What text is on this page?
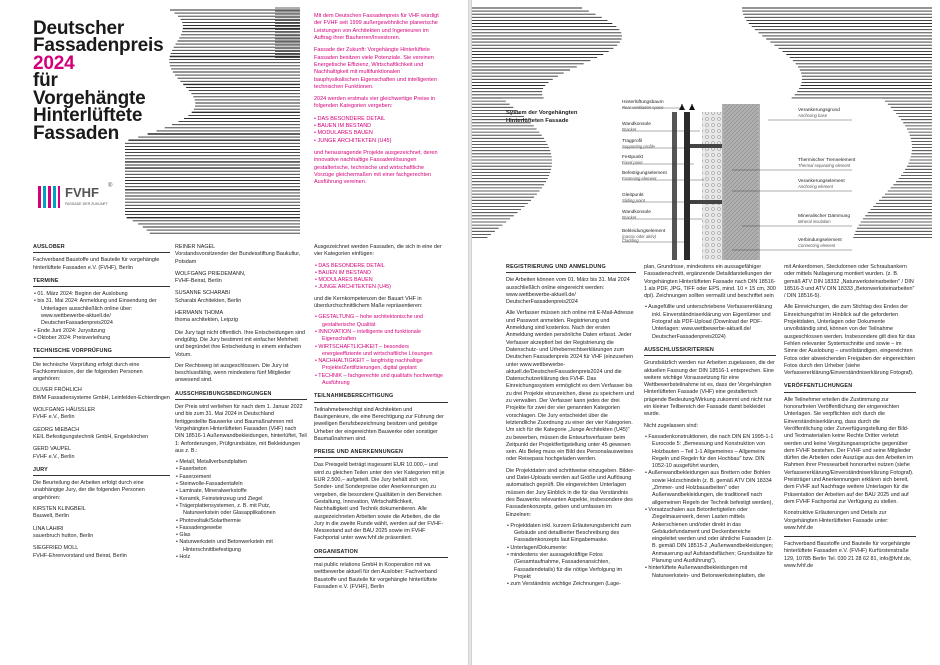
Deutscher
Fassadenpreis
2024
für
Vorgehängte
Hinterlüftete
Fassaden
FVHF ®
FASSADE DER ZUKUNFT

Mit dem Deutschen Fassadenpreis für VHF würdigt der FVHF seit 1999 außergewöhnliche planerische Leistungen von Architekten und Ingenieuren im Auftrag ihrer Bauherren/Investoren.

Fassade der Zukunft: Vorgehängte Hinterlüftete Fassaden besitzen viele Potenziale. Sie vereinen Energetische Effizienz, Wirtschaftlichkeit und Nachhaltigkeit mit multifunktionalen bauphysikalischen Eigenschaften und intelligenten technischen Funktionen.

2024 werden erstmals vier gleichwertige Preise in folgenden Kategorien vergeben:

• DAS BESONDERE DETAIL
• BAUEN IM BESTAND
• MODULARES BAUEN
• JUNGE ARCHITEKTEN (U45)

und herausragende Projekte ausgezeichnet, deren innovative nachhaltige Fassadenlösungen gestalterische, technische und wirtschaftliche Vorzüge gleichermaßen mit einer fachgerechten Ausführung vereinen.

AUSLOBER

Fachverband Baustoffe und Bauteile für vorgehängte hinterlüftete Fassaden e.V. (FVHF), Berlin

TERMINE
• 01. März 2024: Beginn der Auslobung
• bis 31. Mai 2024: Anmeldung und Einsendung der Unterlagen ausschließlich online über: www.wettbewerbe-aktuell.de/ DeutscherFassadenpreis2024
• Ende Juni 2024: Jurysitzung
• Oktober 2024: Preisverleihung
TECHNISCHE VORPRÜFUNG

Die technische Vorprüfung erfolgt durch eine Fachkommission, der die folgenden Personen angehören:

OLIVER FRÖHLICH
BWM Fassadensysteme GmbH, Leinfelden-Echterdingen
WOLFGANG HÄUSSLER
FVHF e.V., Berlin
GEORG MIEBACH
KEIL Befestigungstechnik GmbH, Engelskirchen
GERD VAUPEL
FVHF e.V., Berlin
JURY

Die Beurteilung der Arbeiten erfolgt durch eine unabhängige Jury, der die folgenden Personen angehören:

KIRSTEN KLINGBEIL
Bauwelt, Berlin
LINA LAHIRI
sauerbruch hutton, Berlin
SIEGFRIED MOLL
FVHF-Ehrenvorstand und Beirat, Berlin
REINER NAGEL
Vorstandsvorsitzender der Bundesstiftung Baukultur, Potsdam
WOLFGANG PRIEDEMANN,
FVHF-Beirat, Berlin
SUSANNE SCHARABI
Scharabi Architekten, Berlin
HERMANN THOMA
thoma architekten, Leipzig

Die Jury tagt nicht öffentlich. Ihre Entscheidungen sind endgültig. Die Jury bestimmt mit einfacher Mehrheit und begründet ihre Entscheidung in einem einfachen Votum.

Der Rechtsweg ist ausgeschlossen. Die Jury ist beschlussfähig, wenn mindestens fünf Mitglieder anwesend sind.

AUSSCHREIBUNGSBEDINGUNGEN

Der Preis wird verliehen für nach dem 1. Januar 2022 und bis zum 31. Mai 2024 in Deutschland fertiggestellte Bauwerke und Baumaßnahmen mit Vorgehängten Hinterlüfteten Fassaden (VHF) nach DIN 18516-1 Außenwandbekleidungen, hinterlüftet, Teil 1: Anforderungen, Prüfgrundsätze, mit Bekleidungen aus z. B.:

• Metall, Metallverbundplatten
• Faserbeton
• Faserzement
• Steinwolle-Fassadentafeln
• Laminate, Mineralwerkstoffe
• Keramik, Feinsteinzeug und Ziegel
• Trägerplattensystemen, z. B. mit Putz, Naturwerkstein oder Glasapplikationen
• Photovoltaik/Solarthermie
• Fassadengewebe
• Glas
• Naturwerkstein und Betonwerkstein mit Hinterschnittbefestigung
• Holz

Ausgezeichnet werden Fassaden, die sich in eine der vier Kategorien einfügen:

• DAS BESONDERE DETAIL
• BAUEN IM BESTAND
• MODULARES BAUEN
• JUNGE ARCHITEKTEN (U45)

und die Kernkompetenzen der Bauart VHF in überdurchschnittlichem Maße repräsentieren:

• GESTALTUNG – hohe architektonische und gestalterische Qualität
• INNOVATION – intelligente und funktionale Eigenschaften
• WIRTSCHAFTLICHKEIT – besonders energieeffiziente und wirtschaftliche Lösungen
• NACHHALTIGKEIT – langfristig nachhaltige Projekte/Zertifizierungen, digital geplant
• TECHNIK – fachgerechte und qualitativ hochwertige Ausführung
TEILNAHMEBERECHTIGUNG

Teilnahmeberechtigt sind Architekten und Bauingenieure, die eine Berechtigung zur Führung der jeweiligen Berufsbezeichnung besitzen und geistige Urheber der eingereichten Bauwerke oder sonstiger Baumaßnahmen sind.

PREISE UND ANERKENNUNGEN

Das Preisgeld beträgt insgesamt EUR 10.000,– und wird zu gleichen Teilen unter den vier Kategorien mit je EUR 2.500,– aufgeteilt. Die Jury behält sich vor, Sonder- und Sonderpreise oder Anerkennungen zu vergeben, die besondere Qualitäten in den Bereichen Gestaltung, Innovation, Wirtschaftlichkeit, Nachhaltigkeit und Technik dokumentieren. Alle ausgezeichneten Arbeiten sowie die Arbeiten, die die Jury in die zweite Runde wählt, werden auf der FVHF-Messestand auf der BAU 2025 sowie im FVHF Fachportal unter www.fvhf.de präsentiert.

ORGANISATION

mai public relations GmbH in Kooperation mit wa wettbewerbe aktuell für den Auslober: Fachverband Baustoffe und Bauteile für vorgehängte hinterlüftete Fassaden e.V. (FVHF), Berlin

System der Vorgehängten Hinterlüfteten Fassade
REGISTRIERUNG UND ANMELDUNG

Die Arbeiten können vom 01. März bis 31. Mai 2024 ausschließlich online eingereicht werden: www.wettbewerbe-aktuell.de/ DeutscherFassadenpreis2024

Alle Verfasser müssen sich online mit E-Mail-Adresse und Passwort anmelden. Registrierung und Anmeldung sind kostenlos. Nach der ersten Anmeldung werden persönliche Daten erfasst. Jeder Verfasser akzeptiert bei der Registrierung die Datenschutz- und Urheberrechtserklärungen zum Deutschen Fassadenpreis 2024 für VHF (einzusehen unter www.wettbewerbe-aktuell.de/DeutscherFassadenpreis2024 und die Datenschutzerklärung des FVHF. Das Einreichungssystem ermöglicht es dem Verfasser bis zu drei Projekte einzureichen, diese zu speichern und zu verwalten. Der Verfasser kann jedes der drei Projekte für zwei der vier genannten Kategorien vorschlagen. Die Jury entscheidet über die letztendliche Zuordnung zu einer der vier Kategorien. Um sich für die Kategorie „Junge Architekten (U45)" zu bewerben, müssen die Entwurfsverfasser beim Zeitpunkt der Projektfertigstellung unter 45 gewesen sein. Als Beleg muss ein Bild des Personalausweises oder Reisepass hochgeladen werden.

Die Projektdaten sind schrittweise einzugeben. Bilder- und Datei-Uploads werden auf Größe und Auflösung automatisch geprüft. Die eingereichten Unterlagen müssen der Jury Einblick in die für das Verständnis des Bauwerks relevanten Aspekte, insbesondere des Fassadenkonzepts, geben und umfassen im Einzelnen:

• Projektdaten inkl. kurzem Erläuterungsbericht zum Gebäude und detaillierter Beschreibung des Fassadenkonzepts laut Eingabemaske.
• Unterlagen/Dokumente:
• mindestens vier aussagekräftige Fotos (Gesamtaufnahme, Fassadenansichten, Fassadendetails) für die nötige Verfolgung im Projekt
• zum Verständnis wichtige Zeichnungen (Lage-

plan, Grundrisse, mindestens ein aussagefähiger Fassadenschnitt, ergänzende Detaildarstellungen der Vorgehängten Hinterlüfteten Fassade nach DIN 18516-1 als PDF, JPG, TIFF oder EPS, mind. 10 × 15 cm, 300 dpi). Zeichnungen sollten vermaßt und beschriftet sein

• Ausgefüllte und unterschriebene Verfassererklärung inkl. Einverständniserklärung von Eigentümer und Fotograf als PDF-Upload (Download der PDF-Unterlagen: www.wettbewerbe-aktuell.de/ DeutscherFassadenpreis2024)
AUSSCHLUSSKRITERIEN

Grundsätzlich werden nur Arbeiten zugelassen, die der aktuellen Fassung der DIN 18516-1 entsprechen. Eine weitere wichtige Voraussetzung für eine Wettbewerbsteilnahme ist es, dass der Vorgehängten Hinterlüfteten Fassade (VHF) eine gestalterisch prägende Bedeutung/Wirkung zukommt und nicht nur ein kleiner Teilbereich der Fassade damit bekleidet wurde.

Nicht zugelassen sind:

• Fassadenkonstruktionen, die nach DIN EN 1995-1-1 Eurocode 5: „Bemessung und Konstruktion von Holzbauten – Teil 1-1 Allgemeines – Allgemeine Regeln und Regeln für den Hochbau" bzw. DIN 1052-10 ausgeführt wurden,
• Außenwandbekleidungen aus Brettern oder Bohlen sowie Holzschindeln (z. B. gemäß ATV DIN 18334 „Zimmer- und Holzbauarbeiten" oder Außenwandbekleidungen, die traditionell nach allgemeinen Regeln der Technik befestigt werden),
• Vorsatzschalen aus Betonfertigteilen oder Ziegelmauerwerk, deren Lasten mittels Ankerschienen und/oder direkt in das Gebäudefundament und Deckenbereiche eingeleitet werden und oder ähnliche Fassaden (z. B. gemäß DIN 18515-2 „Außenwandbekleidungen; Anmauerung auf Aufstandsflächen; Grundsätze für Planung und Ausführung"),
• hinterlüftete Außenwandbekleidungen mit Naturwerkstein- und Betonwerksteinplatten, die

mit Ankerdornen, Steckdornen oder Schraubankern oder mittels Nutlagerung montiert wurden. (z. B. gemäß ATV DIN 18332 „Naturwerksteinarbeiten" / DIN 18516-3 und ATV DIN 18333 „Betonwerksteinarbeiten" / DIN 18516-5).

Alle Einreichungen, die zum Stichtag des Endes der Einreichungsfrist im Hinblick auf die geforderten Projektdaten, Unterlagen oder Dokumente unvollständig sind, können von der Teilnahme ausgeschlossen werden. Insbesondere gilt dies für das Fehlen relevanter Systemschnitte und sowie – im Sinne der Auslobung – unvollständigen, eingereichten Fotos oder abweichenden Freigaben der eingereichten Fotos durch den Urheber (siehe Verfassererklärung/Einverständniserklärung Fotograf).

VERÖFFENTLICHUNGEN

Alle Teilnehmer erteilen die Zustimmung zur honorarfreien Veröffentlichung der eingereichten Unterlagen. Sie verpflichten sich durch die Einverständniserklärung, dass durch die Veröffentlichung oder Zurverfügungstellung der Bild- und Textmaterialien keine Rechte Dritter verletzt werden und keine Vergütungsansprüche gegenüber dem FVHF bestehen. Der FVHF und seine Mitglieder dürfen die Arbeiten oder Auszüge aus den Arbeiten im Rahmen ihrer Pressearbeit honorarfrei nutzen (siehe Verfassererklärung/Einverständniserklärung Fotograf). Preisträger und Anerkennungen erklären sich bereit, dem FVHF auf Nachfrage weitere Unterlagen für die Präsentation der Arbeiten auf der BAU 2025 und auf dem FVHF Fachportal zur Verfügung zu stellen.

Konstruktive Erläuterungen und Details zur Vorgehängten Hinterlüfteten Fassade unter: www.fvhf.de

Fachverband Baustoffe und Bauteile für vorgehängte hinterlüftete Fassaden e.V. (FVHF) Kurfürstenstraße 129, 10785 Berlin Tel. 030 21 28 62 81, info@fvhf.de, www.fvhf.de

Hinterlüftungsbaum
Rear ventilation space
Wandkonsole
Bracket
Tragprofil
Supporting profile
Festpunkt
Fixed point
Befestigungselement
Fastening element
Gleitpunkt
Sliding point
Wandkonsole
Bracket
Bekleidungselement
(passiv oder aktiv)
Cladding
Verankerungsgrund
Anchoring base
Thermischer Trennelement
Thermal separating element
Verankerungselement
Anchoring element
Mineralischer Dämmung
Mineral insulation
Verbindungselement
Connecting element
